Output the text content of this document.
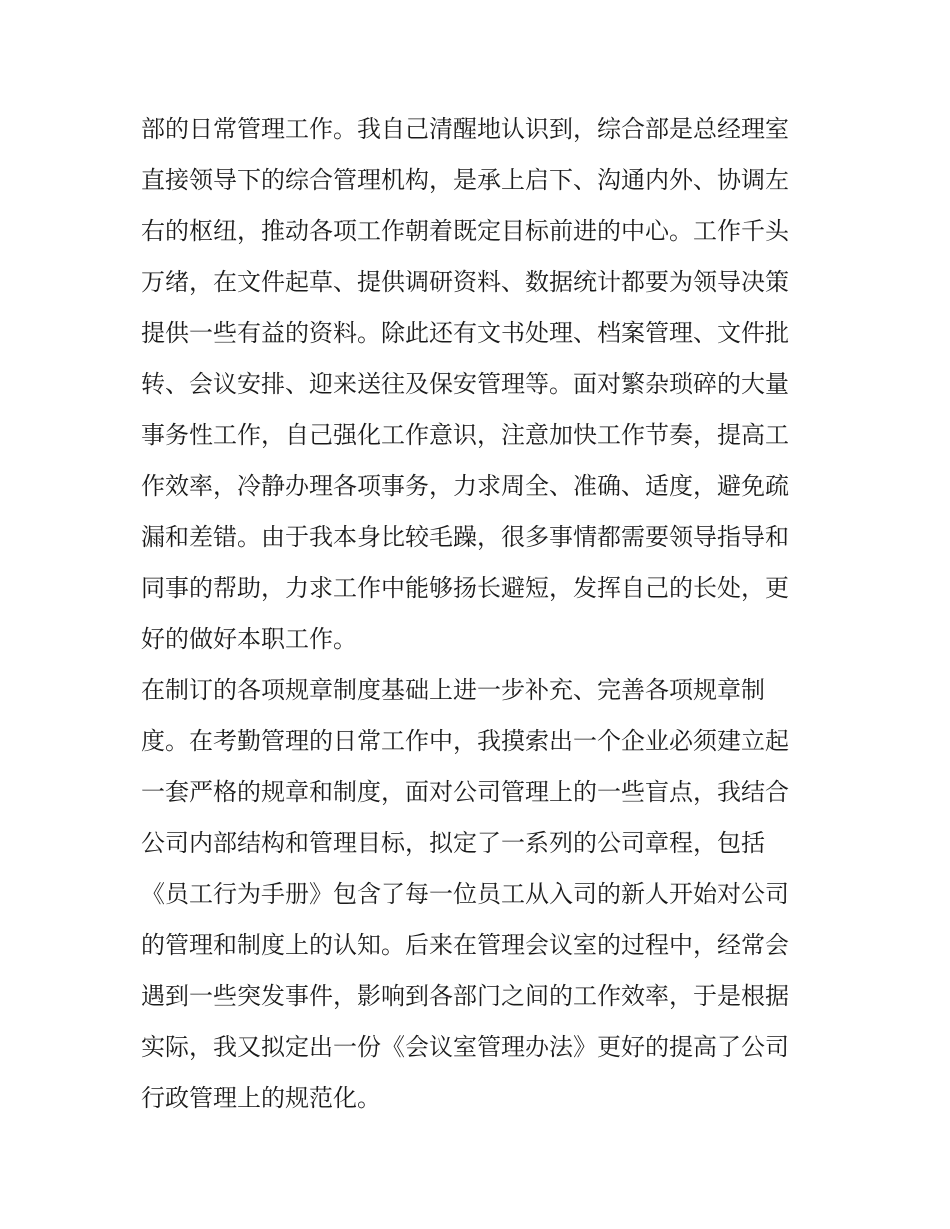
部的日常管理工作。我自己清醒地认识到，综合部是总经理室
直接领导下的综合管理机构，是承上启下、沟通内外、协调左
右的枢纽，推动各项工作朝着既定目标前进的中心。工作千头
万绪，在文件起草、提供调研资料、数据统计都要为领导决策
提供一些有益的资料。除此还有文书处理、档案管理、文件批
转、会议安排、迎来送往及保安管理等。面对繁杂琐碎的大量
事务性工作，自己强化工作意识，注意加快工作节奏，提高工
作效率，冷静办理各项事务，力求周全、准确、适度，避免疏
漏和差错。由于我本身比较毛躁，很多事情都需要领导指导和
同事的帮助，力求工作中能够扬长避短，发挥自己的长处，更
好的做好本职工作。
在制订的各项规章制度基础上进一步补充、完善各项规章制
度。在考勤管理的日常工作中，我摸索出一个企业必须建立起
一套严格的规章和制度，面对公司管理上的一些盲点，我结合
公司内部结构和管理目标，拟定了一系列的公司章程，包括
《员工行为手册》包含了每一位员工从入司的新人开始对公司
的管理和制度上的认知。后来在管理会议室的过程中，经常会
遇到一些突发事件，影响到各部门之间的工作效率，于是根据
实际，我又拟定出一份《会议室管理办法》更好的提高了公司
行政管理上的规范化。
